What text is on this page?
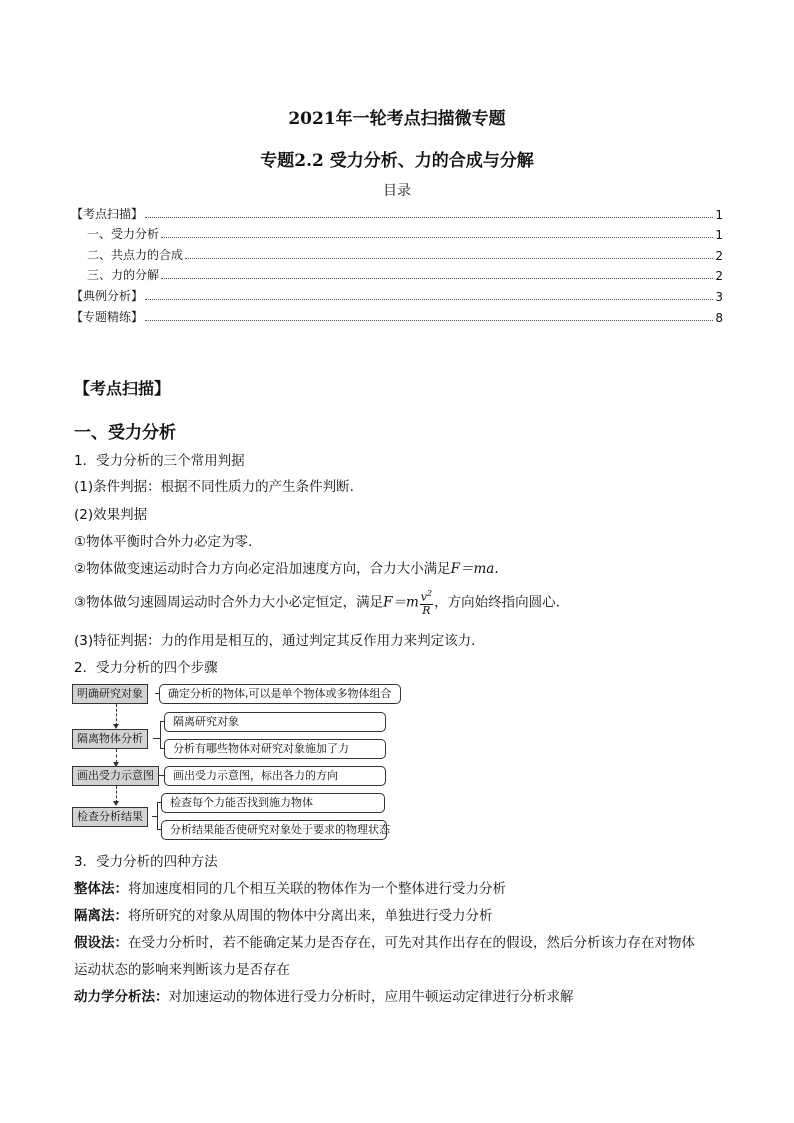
2021年一轮考点扫描微专题
专题2.2 受力分析、力的合成与分解
目录
【考点扫描】	1
一、受力分析	1
二、共点力的合成	2
三、力的分解	2
【典例分析】	3
【专题精练】	8
【考点扫描】
一、受力分析
1．受力分析的三个常用判据
(1)条件判据：根据不同性质力的产生条件判断．
(2)效果判据
①物体平衡时合外力必定为零．
②物体做变速运动时合力方向必定沿加速度方向，合力大小满足F＝ma.
③物体做匀速圆周运动时合外力大小必定恒定，满足$F=m \frac{v^2}{R}$ ，方向始终指向圆心．
(3)特征判据：力的作用是相互的，通过判定其反作用力来判定该力．
2．受力分析的四个步骤
明确研究对象	确定分析的物体,可以是单个物体或多物体组合
隔离物体分析
隔离研究对象
分析有哪些物体对研究对象施加了力
画出受力示意图	画出受力示意图，标出各力的方向
检查分析结果
检查每个力能否找到施力物体
分析结果能否使研究对象处于要求的物理状态
3．受力分析的四种方法
整体法：将加速度相同的几个相互关联的物体作为一个整体进行受力分析
隔离法：将所研究的对象从周围的物体中分离出来，单独进行受力分析
假设法：在受力分析时，若不能确定某力是否存在，可先对其作出存在的假设，然后分析该力存在对物体
运动状态的影响来判断该力是否存在
动力学分析法：对加速运动的物体进行受力分析时，应用牛顿运动定律进行分析求解
